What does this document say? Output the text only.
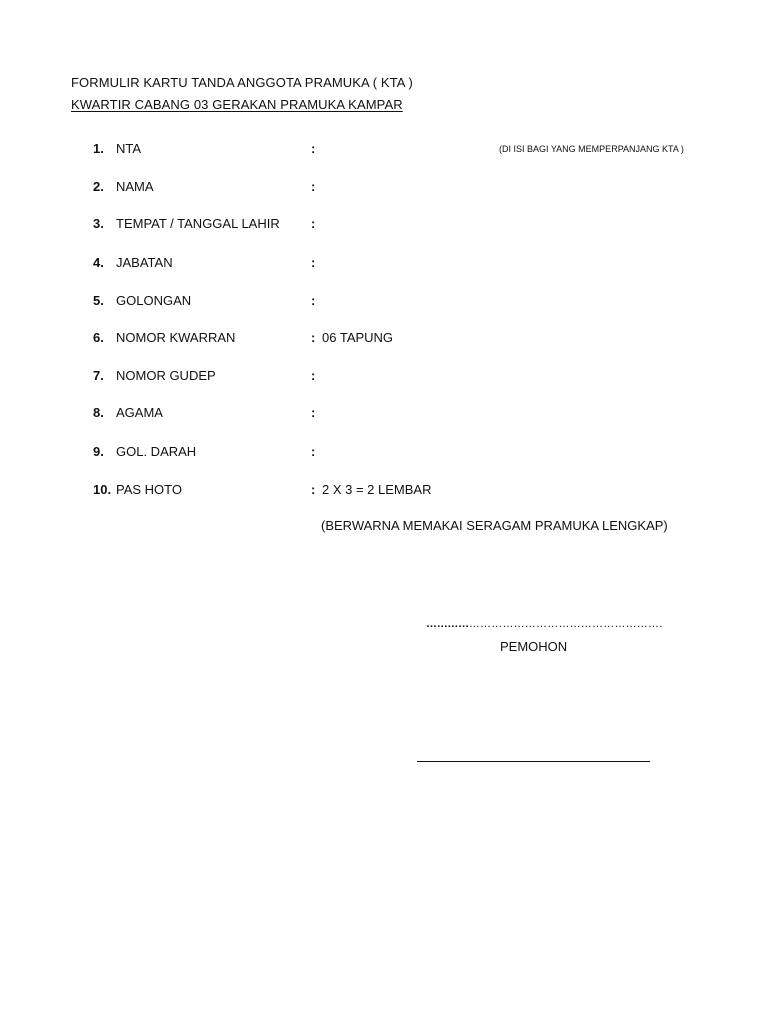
FORMULIR KARTU TANDA ANGGOTA PRAMUKA ( KTA )
KWARTIR CABANG 03 GERAKAN PRAMUKA KAMPAR
1. NTA	:	(DI ISI BAGI YANG MEMPERPANJANG KTA )
2. NAMA	:
3. TEMPAT / TANGGAL LAHIR :
4. JABATAN	:
5. GOLONGAN	:
6. NOMOR KWARRAN	: 06 TAPUNG
7. NOMOR GUDEP	:
8. AGAMA	:
9. GOL. DARAH	:
10. PAS HOTO	: 2 X 3 = 2 LEMBAR
(BERWARNA MEMAKAI SERAGAM PRAMUKA LENGKAP)
……………………………………………………….
PEMOHON
